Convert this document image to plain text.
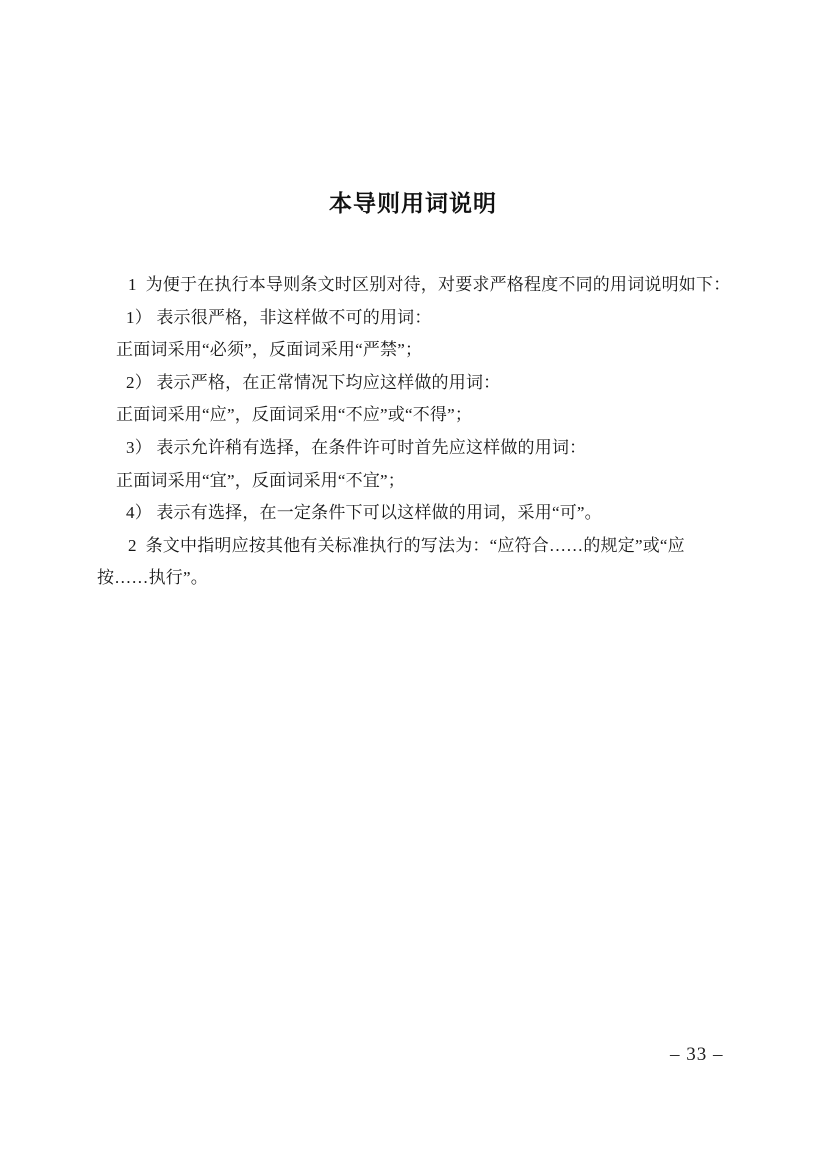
本导则用词说明

1  为便于在执行本导则条文时区别对待，对要求严格程度不同的用词说明如下：

1） 表示很严格，非这样做不可的用词：

正面词采用“必须”，反面词采用“严禁”；

2） 表示严格，在正常情况下均应这样做的用词：

正面词采用“应”，反面词采用“不应”或“不得”；

3） 表示允许稍有选择，在条件许可时首先应这样做的用词：

正面词采用“宜”，反面词采用“不宜”；

4） 表示有选择，在一定条件下可以这样做的用词，采用“可”。

2  条文中指明应按其他有关标准执行的写法为：“应符合……的规定”或“应

按……执行”。

– 33 –
